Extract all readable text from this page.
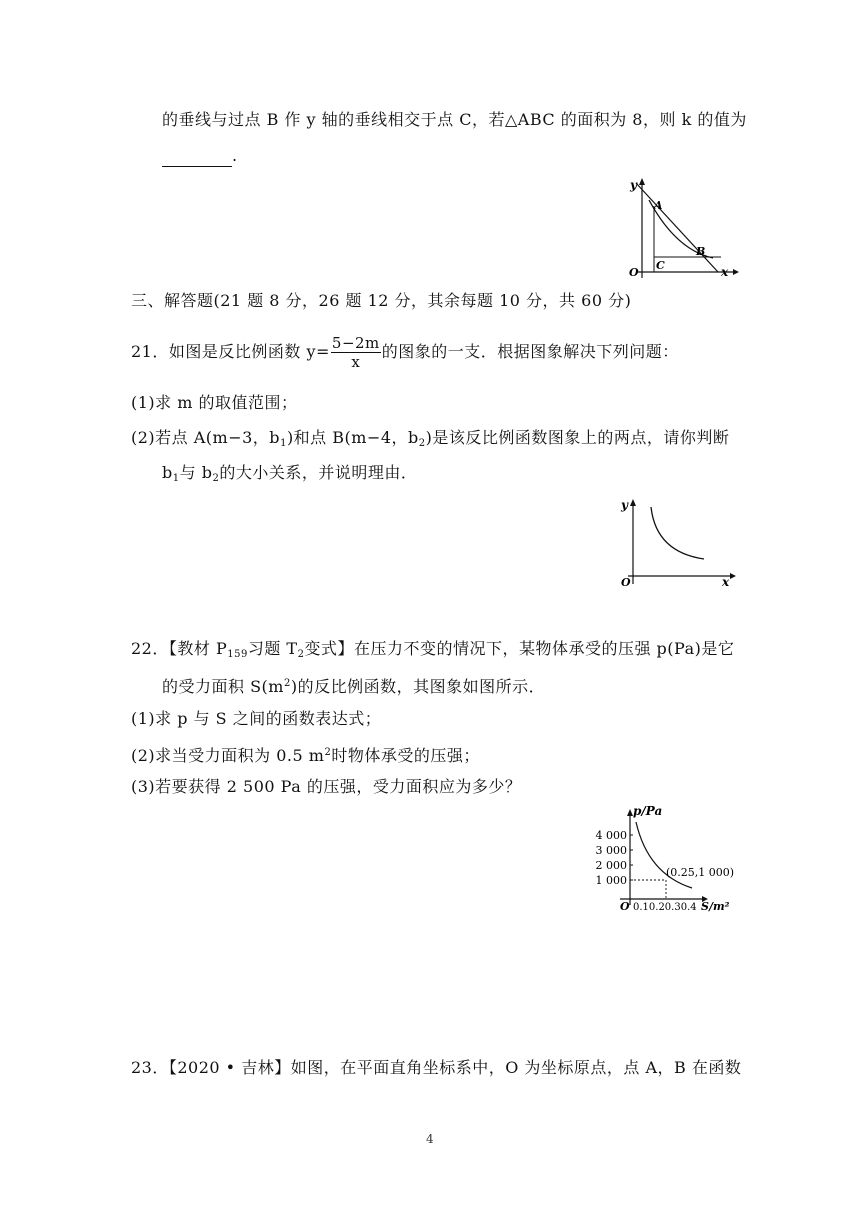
的垂线与过点 B 作 y 轴的垂线相交于点 C，若△ABC 的面积为 8，则 k 的值为
.
y
x
O
A
B
C
三、解答题(21 题 8 分，26 题 12 分，其余每题 10 分，共 60 分)
21．如图是反比例函数 $y= \frac{5-2m}{x}$ 的图象的一支．根据图象解决下列问题：
(1)求 m 的取值范围；
(2)若点 A(m−3，$b_1$)和点 B(m−4，$b_2$)是该反比例函数图象上的两点，请你判断
$b_1$与 $b_2$的大小关系，并说明理由．
y
x
O
22．【教材 $P_{159}$习题 $T_2$变式】在压力不变的情况下，某物体承受的压强 p(Pa)是它
的受力面积 $S(m^2)$的反比例函数，其图象如图所示．
(1)求 p 与 S 之间的函数表达式；
(2)求当受力面积为 0.5 $m^2$时物体承受的压强；
(3)若要获得 2 500 Pa 的压强，受力面积应为多少？
4 000
3 000
2 000
1 000
(0.25,1 000)
p/Pa
O 0.10.20.30.4 S/m²
23．【2020 • 吉林】如图，在平面直角坐标系中，O 为坐标原点，点 A，B 在函数
4
